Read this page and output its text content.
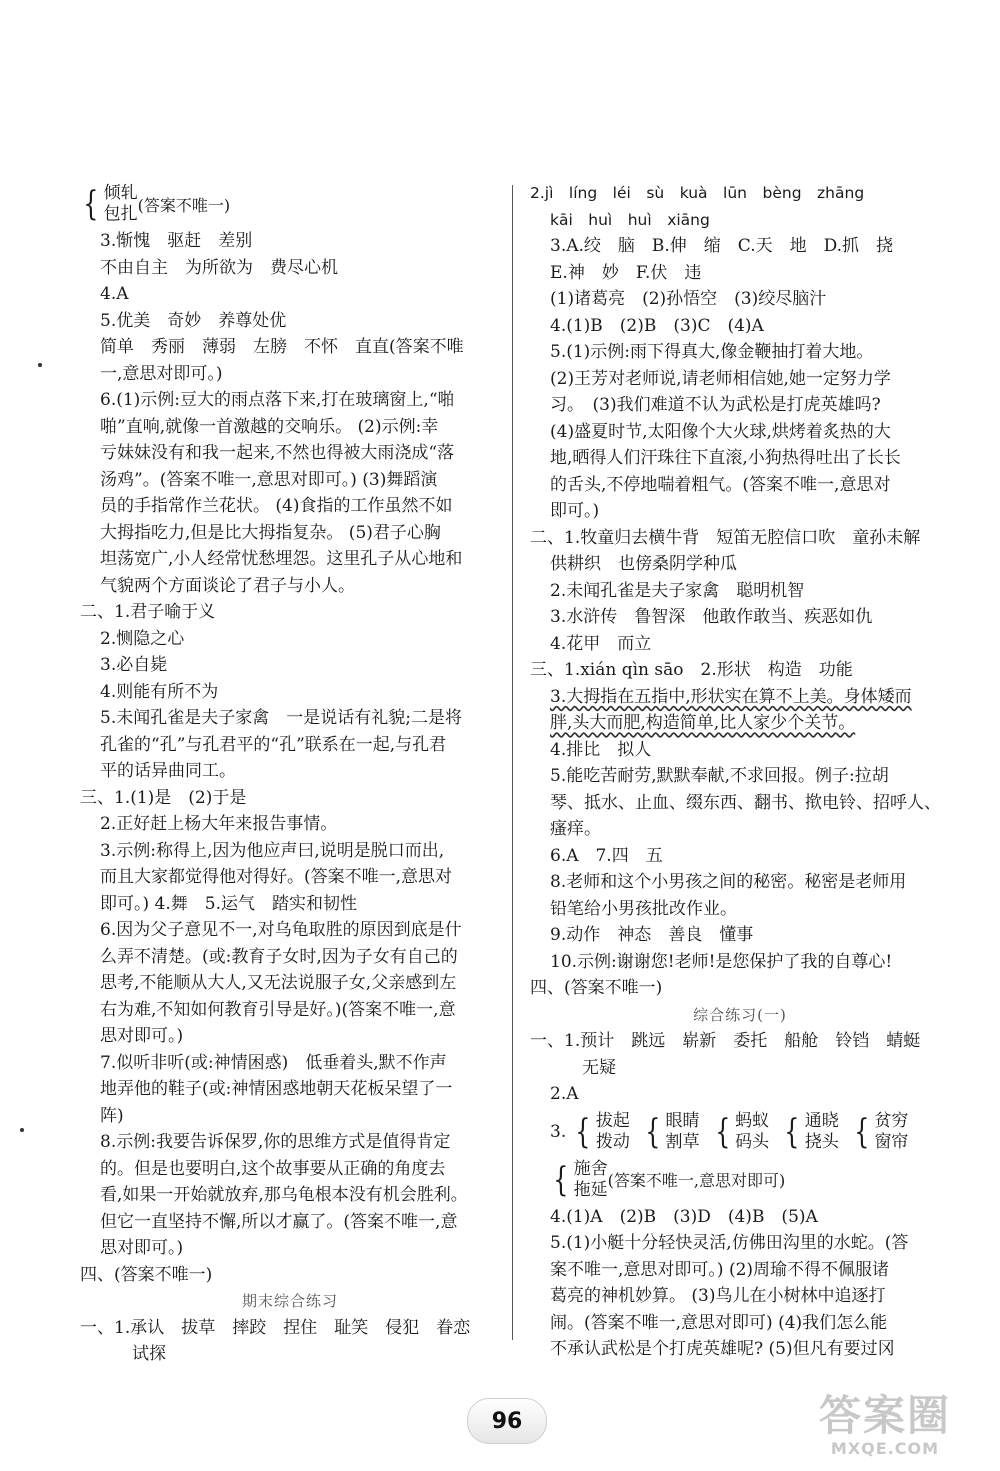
{ 倾轧
包扎 (答案不唯一)
3.惭愧　驱赶　差别
不由自主　为所欲为　费尽心机
4.A
5.优美　奇妙　养尊处优
简单　秀丽　薄弱　左膀　不怀　直直(答案不唯
一,意思对即可。)
6.(1)示例:豆大的雨点落下来,打在玻璃窗上,“啪
啪”直响,就像一首激越的交响乐。 (2)示例:幸
亏妹妹没有和我一起来,不然也得被大雨浇成“落
汤鸡”。(答案不唯一,意思对即可。) (3)舞蹈演
员的手指常作兰花状。 (4)食指的工作虽然不如
大拇指吃力,但是比大拇指复杂。 (5)君子心胸
坦荡宽广,小人经常忧愁埋怨。这里孔子从心地和
气貌两个方面谈论了君子与小人。
二、1.君子喻于义
2.恻隐之心
3.必自毙
4.则能有所不为
5.未闻孔雀是夫子家禽　一是说话有礼貌;二是将
孔雀的“孔”与孔君平的“孔”联系在一起,与孔君
平的话异曲同工。
三、1.(1)是　(2)于是
2.正好赶上杨大年来报告事情。
3.示例:称得上,因为他应声曰,说明是脱口而出,
而且大家都觉得他对得好。(答案不唯一,意思对
即可。) 4.舞　5.运气　踏实和韧性
6.因为父子意见不一,对乌龟取胜的原因到底是什
么弄不清楚。(或:教育子女时,因为子女有自己的
思考,不能顺从大人,又无法说服子女,父亲感到左
右为难,不知如何教育引导是好。)(答案不唯一,意
思对即可。)
7.似听非听(或:神情困惑)　低垂着头,默不作声
地弄他的鞋子(或:神情困惑地朝天花板呆望了一
阵)
8.示例:我要告诉保罗,你的思维方式是值得肯定
的。但是也要明白,这个故事要从正确的角度去
看,如果一开始就放弃,那乌龟根本没有机会胜利。
但它一直坚持不懈,所以才赢了。(答案不唯一,意
思对即可。)
四、(答案不唯一)
期末综合练习
一、1.承认　拔草　摔跤　捏住　耻笑　侵犯　眷恋
试探
2.jì　líng　léi　sù　kuà　lūn　bèng　zhāng
kāi　huì　huì　xiāng
3.A.绞　脑　B.伸　缩　C.天　地　D.抓　挠
E.神　妙　F.伏　违
(1)诸葛亮　(2)孙悟空　(3)绞尽脑汁
4.(1)B　(2)B　(3)C　(4)A
5.(1)示例:雨下得真大,像金鞭抽打着大地。
(2)王芳对老师说,请老师相信她,她一定努力学
习。　(3)我们难道不认为武松是打虎英雄吗?
(4)盛夏时节,太阳像个大火球,烘烤着炙热的大
地,晒得人们汗珠往下直滚,小狗热得吐出了长长
的舌头,不停地喘着粗气。(答案不唯一,意思对
即可。)
二、1.牧童归去横牛背　短笛无腔信口吹　童孙未解
供耕织　也傍桑阴学种瓜
2.未闻孔雀是夫子家禽　聪明机智
3.水浒传　鲁智深　他敢作敢当、疾恶如仇
4.花甲　而立
三、1.xián qìn sāo　2.形状　构造　功能
3.大拇指在五指中,形状实在算不上美。身体矮而
胖,头大而肥,构造简单,比人家少个关节。
4.排比　拟人
5.能吃苦耐劳,默默奉献,不求回报。例子:拉胡
琴、抵水、止血、缀东西、翻书、揿电铃、招呼人、
瘙痒。
6.A　7.四　五
8.老师和这个小男孩之间的秘密。秘密是老师用
铅笔给小男孩批改作业。
9.动作　神态　善良　懂事
10.示例:谢谢您!老师!是您保护了我的自尊心!
四、(答案不唯一)
综合练习(一)
一、1.预计　跳远　崭新　委托　船舱　铃铛　蜻蜓
无疑
2.A
3. { 拔起
拨动 { 眼睛
割草 { 蚂蚁
码头 { 通晓
挠头 { 贫穷
窗帘
{ 施舍
拖延 (答案不唯一,意思对即可)
4.(1)A　(2)B　(3)D　(4)B　(5)A
5.(1)小艇十分轻快灵活,仿佛田沟里的水蛇。(答
案不唯一,意思对即可。) (2)周瑜不得不佩服诸
葛亮的神机妙算。 (3)鸟儿在小树林中追逐打
闹。(答案不唯一,意思对即可) (4)我们怎么能
不承认武松是个打虎英雄呢? (5)但凡有要过冈
96	答案圈
MXQE.COM
